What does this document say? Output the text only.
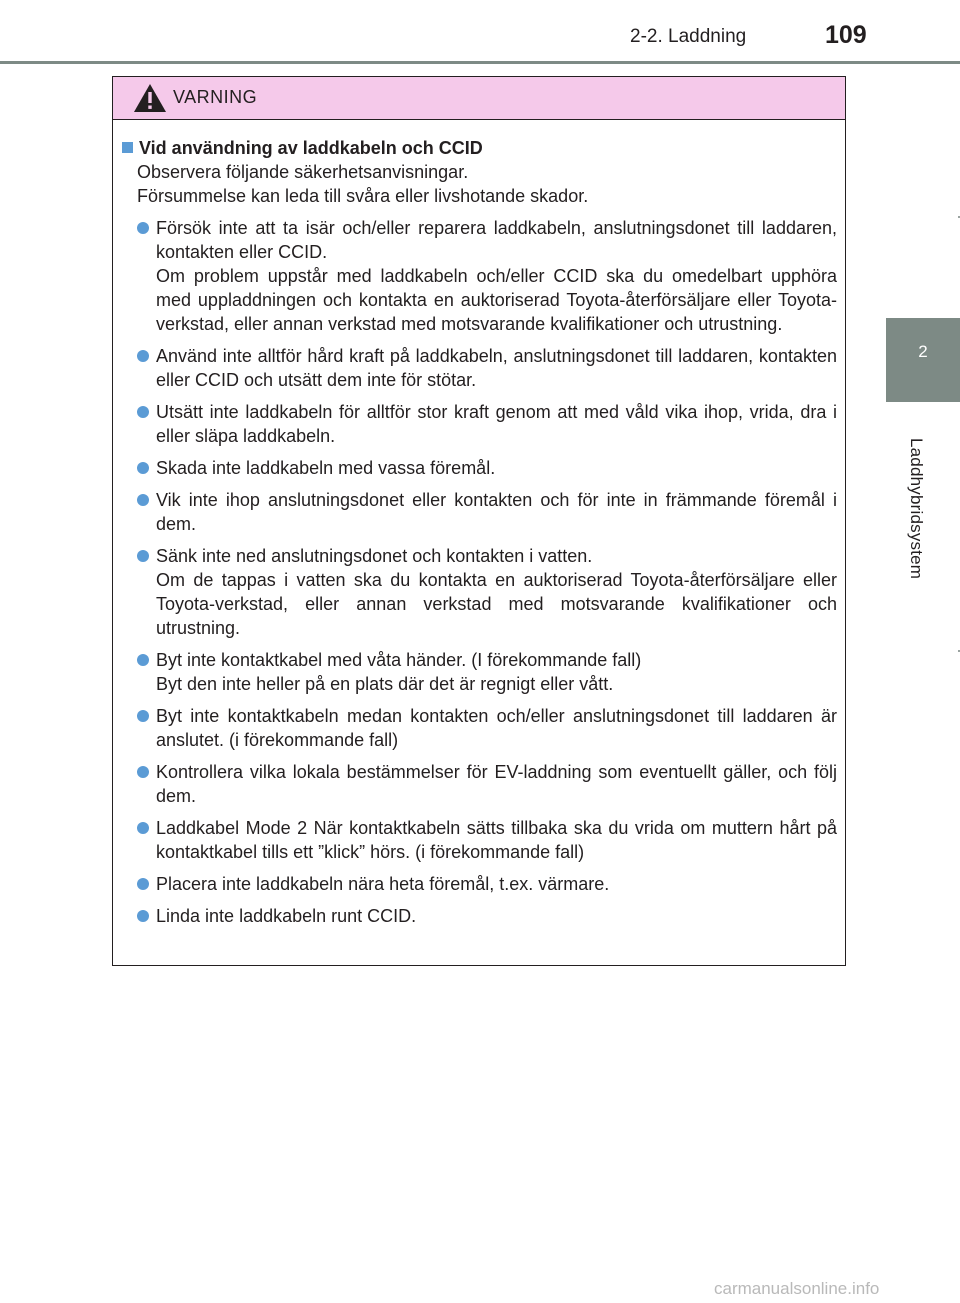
2-2. Laddning	109
2
Laddhybridsystem
VARNING
Vid användning av laddkabeln och CCID
Observera följande säkerhetsanvisningar.
Försummelse kan leda till svåra eller livshotande skador.

Försök inte att ta isär och/eller reparera laddkabeln, anslutningsdonet till laddaren, kontakten eller CCID.

Om problem uppstår med laddkabeln och/eller CCID ska du omedelbart upphöra med uppladdningen och kontakta en auktoriserad Toyota-återförsäljare eller Toyota-verkstad, eller annan verkstad med motsvarande kvalifikationer och utrustning.

Använd inte alltför hård kraft på laddkabeln, anslutningsdonet till laddaren, kontakten eller CCID och utsätt dem inte för stötar.

Utsätt inte laddkabeln för alltför stor kraft genom att med våld vika ihop, vrida, dra i eller släpa laddkabeln.

Skada inte laddkabeln med vassa föremål.

Vik inte ihop anslutningsdonet eller kontakten och för inte in främmande föremål i dem.

Sänk inte ned anslutningsdonet och kontakten i vatten.

Om de tappas i vatten ska du kontakta en auktoriserad Toyota-återförsäljare eller Toyota-verkstad, eller annan verkstad med motsvarande kvalifikationer och utrustning.

Byt inte kontaktkabel med våta händer. (I förekommande fall)

Byt den inte heller på en plats där det är regnigt eller vått.

Byt inte kontaktkabeln medan kontakten och/eller anslutningsdonet till laddaren är anslutet. (i förekommande fall)

Kontrollera vilka lokala bestämmelser för EV-laddning som eventuellt gäller, och följ dem.

Laddkabel Mode 2 När kontaktkabeln sätts tillbaka ska du vrida om muttern hårt på kontaktkabel tills ett ”klick” hörs. (i förekommande fall)

Placera inte laddkabeln nära heta föremål, t.ex. värmare.

Linda inte laddkabeln runt CCID.

carmanualsonline.info
